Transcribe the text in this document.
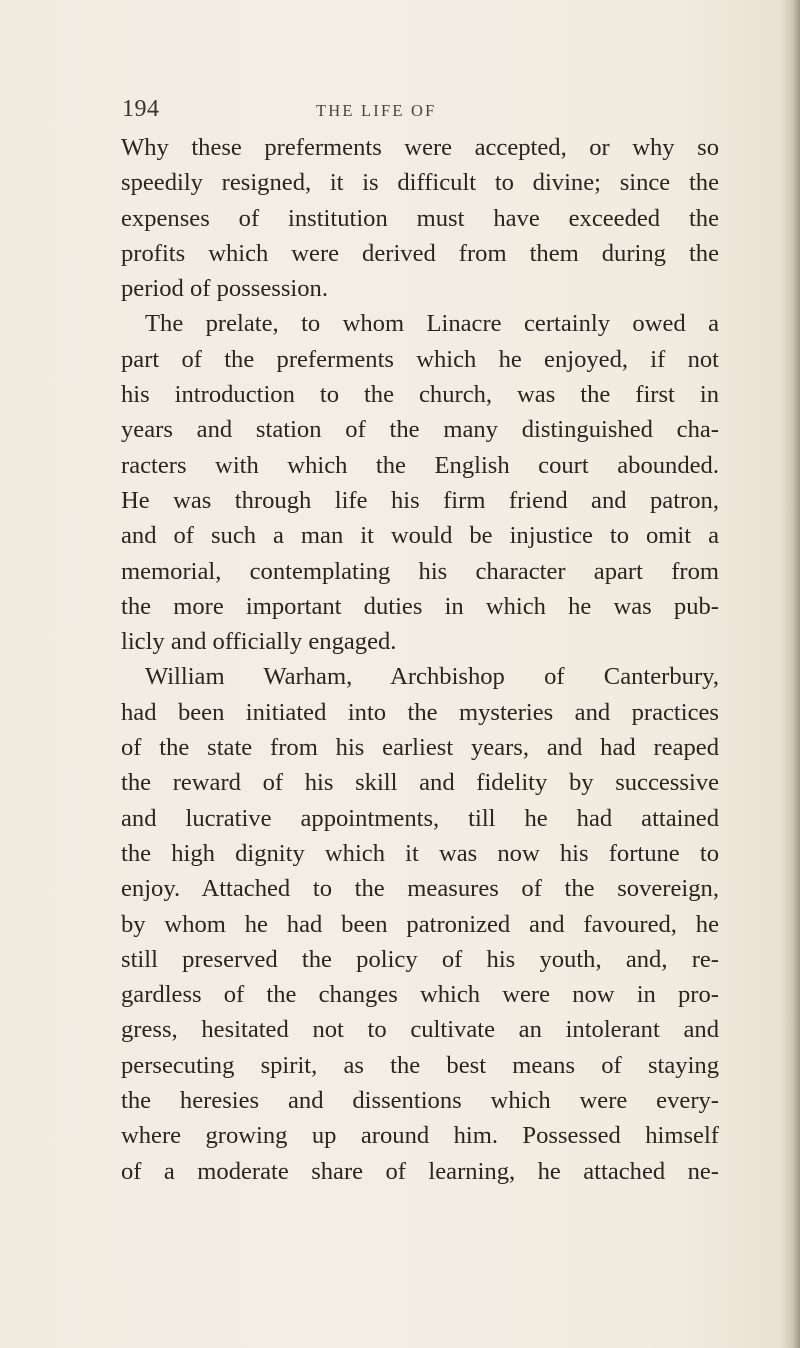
194	THE LIFE OF
Why these preferments were accepted, or why so
speedily resigned, it is difficult to divine; since the
expenses of institution must have exceeded the
profits which were derived from them during the
period of possession.
The prelate, to whom Linacre certainly owed a
part of the preferments which he enjoyed, if not
his introduction to the church, was the first in
years and station of the many distinguished cha-
racters with which the English court abounded.
He was through life his firm friend and patron,
and of such a man it would be injustice to omit a
memorial, contemplating his character apart from
the more important duties in which he was pub-
licly and officially engaged.
William Warham, Archbishop of Canterbury,
had been initiated into the mysteries and practices
of the state from his earliest years, and had reaped
the reward of his skill and fidelity by successive
and lucrative appointments, till he had attained
the high dignity which it was now his fortune to
enjoy. Attached to the measures of the sovereign,
by whom he had been patronized and favoured, he
still preserved the policy of his youth, and, re-
gardless of the changes which were now in pro-
gress, hesitated not to cultivate an intolerant and
persecuting spirit, as the best means of staying
the heresies and dissentions which were every-
where growing up around him. Possessed himself
of a moderate share of learning, he attached ne-
